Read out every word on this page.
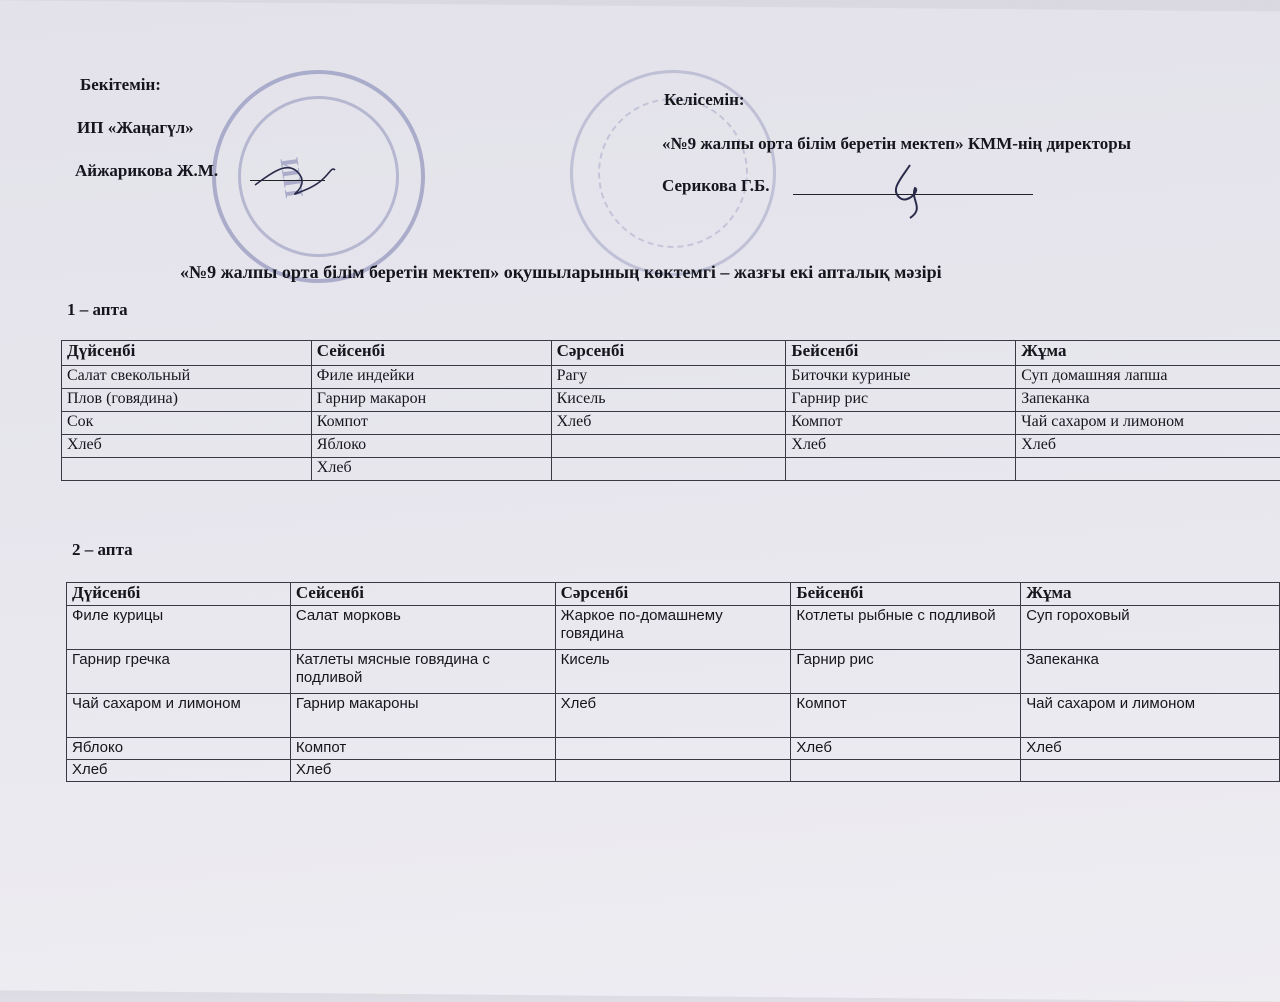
ИП
Бекітемін:
ИП «Жаңагүл»
Айжарикова Ж.М.
Келісемін:
«№9 жалпы орта білім беретін мектеп» КММ-нің директоры
Серикова Г.Б.
«№9 жалпы орта білім беретін мектеп» оқушыларының көктемгі – жазғы екі апталық мәзірі
1 – апта
Дүйсенбі	Сейсенбі	Сәрсенбі	Бейсенбі	Жұма
Салат свекольный	Филе индейки	Рагу	Биточки куриные	Суп домашняя лапша
Плов (говядина)	Гарнир макарон	Кисель	Гарнир рис	Запеканка
Сок	Компот	Хлеб	Компот	Чай сахаром и лимоном
Хлеб	Яблоко		Хлеб	Хлеб
	Хлеб			
2 – апта
Дүйсенбі	Сейсенбі	Сәрсенбі	Бейсенбі	Жұма
Филе курицы	Салат морковь	Жаркое по-домашнему говядина	Котлеты рыбные с подливой	Суп гороховый
Гарнир гречка	Катлеты мясные говядина с подливой	Кисель	Гарнир рис	Запеканка
Чай сахаром и лимоном	Гарнир макароны	Хлеб	Компот	Чай сахаром и лимоном
Яблоко	Компот		Хлеб	Хлеб
Хлеб	Хлеб			
